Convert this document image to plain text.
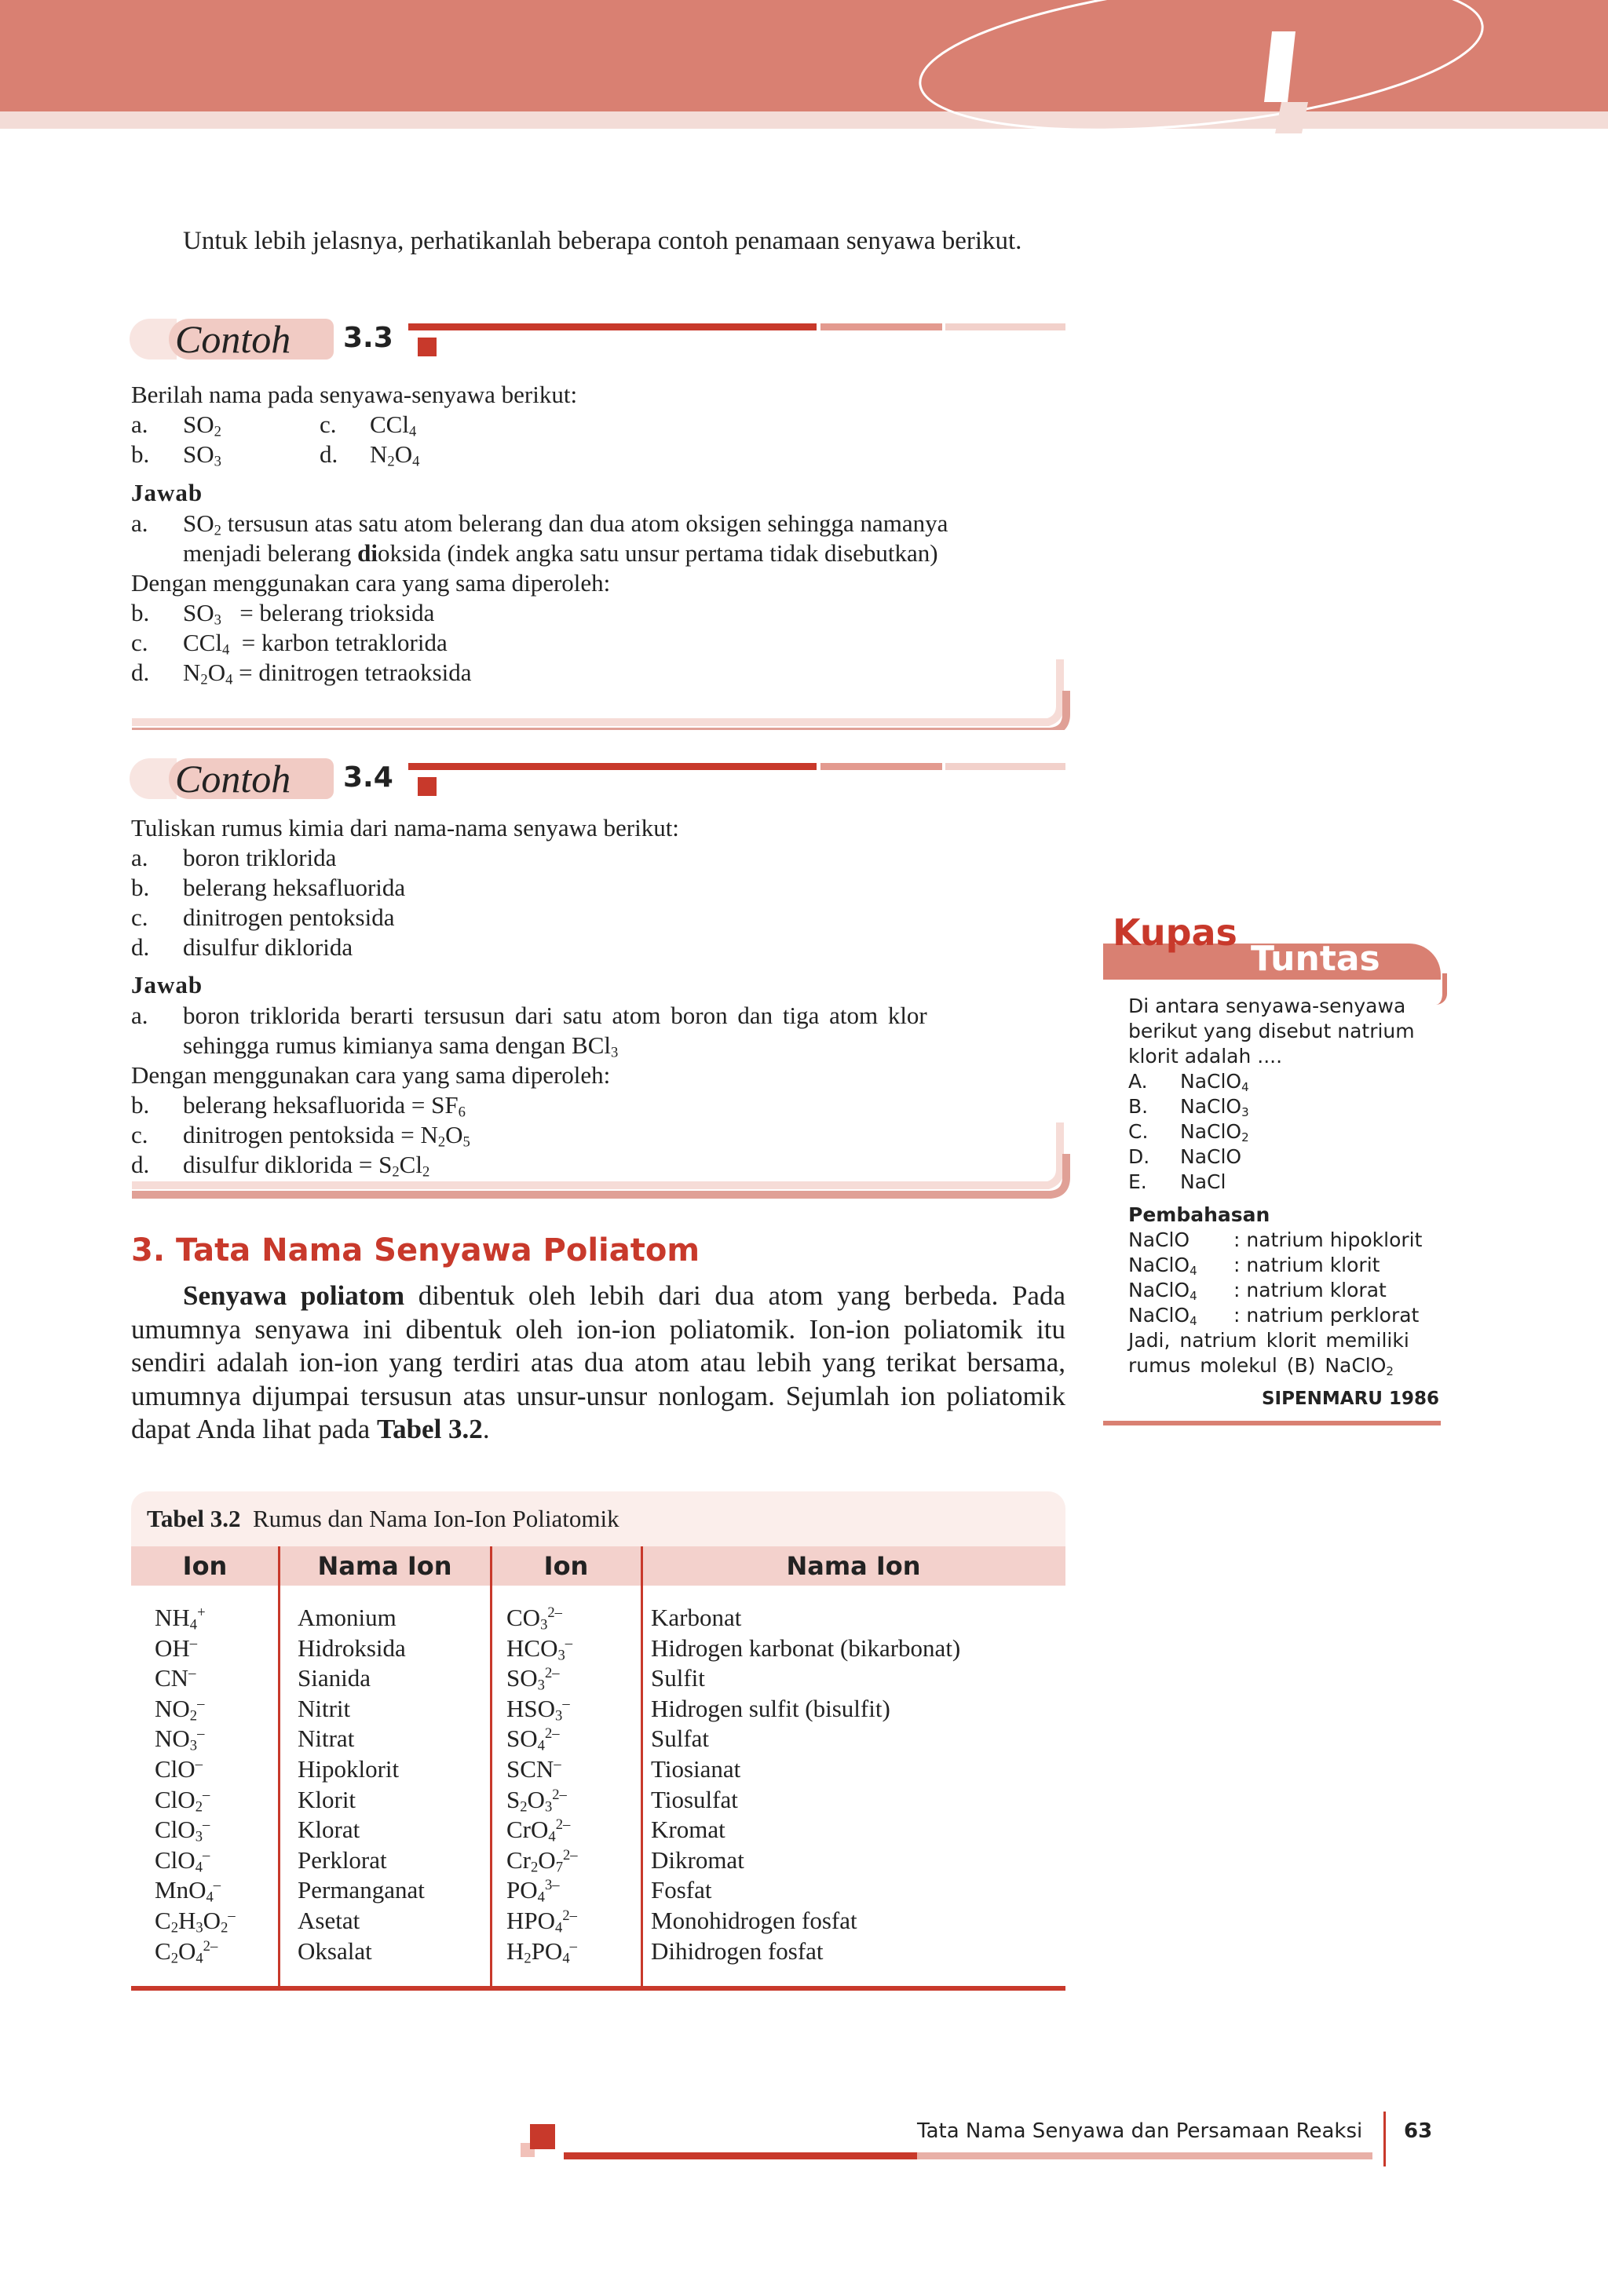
Untuk lebih jelasnya, perhatikanlah beberapa contoh penamaan senyawa berikut.
Contoh 3.3
Berilah nama pada senyawa-senyawa berikut:
a. $SO_2$	c. CCl$_4$
b. $SO_3$	d. $N_2O_4$
Jawab
a. $SO_2$ tersusun atas satu atom belerang dan dua atom oksigen sehingga namanya
menjadi belerang dioksida (indek angka satu unsur pertama tidak disebutkan)
Dengan menggunakan cara yang sama diperoleh:
b. $SO_3$   = belerang trioksida
c. CCl$_4$  = karbon tetraklorida
d. $N_2O_4$ = dinitrogen tetraoksida
Contoh 3.4
Tuliskan rumus kimia dari nama-nama senyawa berikut:
a. boron triklorida
b. belerang heksafluorida
c. dinitrogen pentoksida
d. disulfur diklorida
Jawab
a. boron triklorida berarti tersusun dari satu atom boron dan tiga atom klor
sehingga rumus kimianya sama dengan BCl$_3$
Dengan menggunakan cara yang sama diperoleh:
b. belerang heksafluorida = $SF_6$
c. dinitrogen pentoksida = $N_2O_5$
d. disulfur diklorida = $S_2Cl_2$
3. Tata Nama Senyawa Poliatom
Senyawa poliatom dibentuk oleh lebih dari dua atom yang berbeda. Pada umumnya senyawa ini dibentuk oleh ion-ion poliatomik. Ion-ion poliatomik itu sendiri adalah ion-ion yang terdiri atas dua atom atau lebih yang terikat bersama, umumnya dijumpai tersusun atas unsur-unsur nonlogam. Sejumlah ion poliatomik dapat Anda lihat pada Tabel 3.2.
Kupas
Tuntas
Di antara senyawa-senyawa
berikut yang disebut natrium
klorit adalah ....
A. NaClO$_4$
B. NaClO$_3$
C. NaClO$_2$
D. NaClO
E. NaCl
Pembahasan
NaClO : natrium hipoklorit
NaClO$_4$ : natrium klorit
NaClO$_4$ : natrium klorat
NaClO$_4$ : natrium perklorat
Jadi, natrium klorit memiliki
rumus molekul (B) NaClO$_2$
SIPENMARU 1986
Tabel 3.2 Rumus dan Nama Ion-Ion Poliatomik
Ion	Nama Ion	Ion	Nama Ion
$NH_4^+$	Amonium	$CO_3^{2-}$	Karbonat
OH–	Hidroksida	$HCO_3^-$	Hidrogen karbonat (bikarbonat)
CN–	Sianida	$SO_3^{2-}$	Sulfit
$NO_2^-$	Nitrit	$HSO_3^-$	Hidrogen sulfit (bisulfit)
$NO_3^-$	Nitrat	$SO_4^{2-}$	Sulfat
ClO–	Hipoklorit	SCN–	Tiosianat
ClO$_2$–	Klorit	$S_2O_3^{2-}$	Tiosulfat
ClO$_3$–	Klorat	CrO$_4^{2-}$	Kromat
ClO$_4$–	Perklorat	$Cr_2O_7^{2-}$	Dikromat
MnO$_4$–	Permanganat	$PO_4^{3-}$	Fosfat
$C_2H_3O_2^-$	Asetat	$HPO_4^{2-}$	Monohidrogen fosfat
$C_2O_4^{2-}$	Oksalat	$H_2PO_4^-$	Dihidrogen fosfat
Tata Nama Senyawa dan Persamaan Reaksi 63
